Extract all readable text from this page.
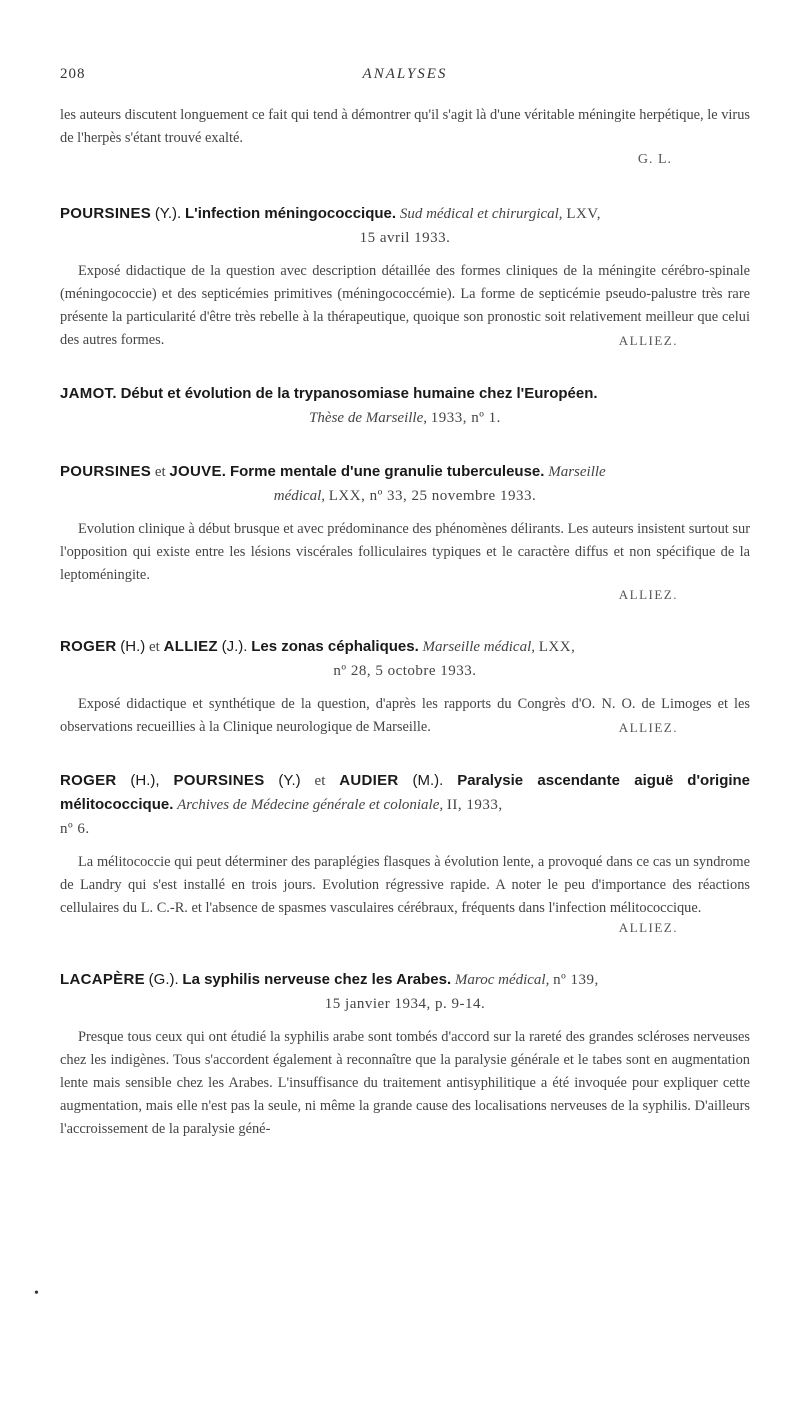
208	ANALYSES

les auteurs discutent longuement ce fait qui tend à démontrer qu'il s'agit là d'une véritable méningite herpétique, le virus de l'herpès s'étant trouvé exalté.

G. L.

POURSINES (Y.). L'infection méningococcique. Sud médical et chirurgical, LXV,
15 avril 1933.

Exposé didactique de la question avec description détaillée des formes cliniques de la méningite cérébro-spinale (méningococcie) et des septicémies primitives (méningococcémie). La forme de septicémie pseudo-palustre très rare présente la particularité d'être très rebelle à la thérapeutique, quoique son pronostic soit relativement meilleur que celui des autres formes.	ALLIEZ.

JAMOT. Début et évolution de la trypanosomiase humaine chez l'Européen.
Thèse de Marseille, 1933, nº 1.

POURSINES et JOUVE. Forme mentale d'une granulie tuberculeuse. Marseille
médical, LXX, nº 33, 25 novembre 1933.

Evolution clinique à début brusque et avec prédominance des phénomènes délirants. Les auteurs insistent surtout sur l'opposition qui existe entre les lésions viscérales folliculaires typiques et le caractère diffus et non spécifique de la leptoméningite.

ALLIEZ.

ROGER (H.) et ALLIEZ (J.). Les zonas céphaliques. Marseille médical, LXX,
nº 28, 5 octobre 1933.

Exposé didactique et synthétique de la question, d'après les rapports du Congrès d'O. N. O. de Limoges et les observations recueillies à la Clinique neurologique de Marseille.	ALLIEZ.

ROGER (H.), POURSINES (Y.) et AUDIER (M.). Paralysie ascendante aiguë d'origine mélitococcique. Archives de Médecine générale et coloniale, II, 1933,
nº 6.

La mélitococcie qui peut déterminer des paraplégies flasques à évolution lente, a provoqué dans ce cas un syndrome de Landry qui s'est installé en trois jours. Evolution régressive rapide. A noter le peu d'importance des réactions cellulaires du L. C.-R. et l'absence de spasmes vasculaires cérébraux, fréquents dans l'infection mélitococcique.

ALLIEZ.

LACAPÈRE (G.). La syphilis nerveuse chez les Arabes. Maroc médical, nº 139,
15 janvier 1934, p. 9-14.

Presque tous ceux qui ont étudié la syphilis arabe sont tombés d'accord sur la rareté des grandes scléroses nerveuses chez les indigènes. Tous s'accordent également à reconnaître que la paralysie générale et le tabes sont en augmentation lente mais sensible chez les Arabes. L'insuffisance du traitement antisyphilitique a été invoquée pour expliquer cette augmentation, mais elle n'est pas la seule, ni même la grande cause des localisations nerveuses de la syphilis. D'ailleurs l'accroissement de la paralysie géné-

•
